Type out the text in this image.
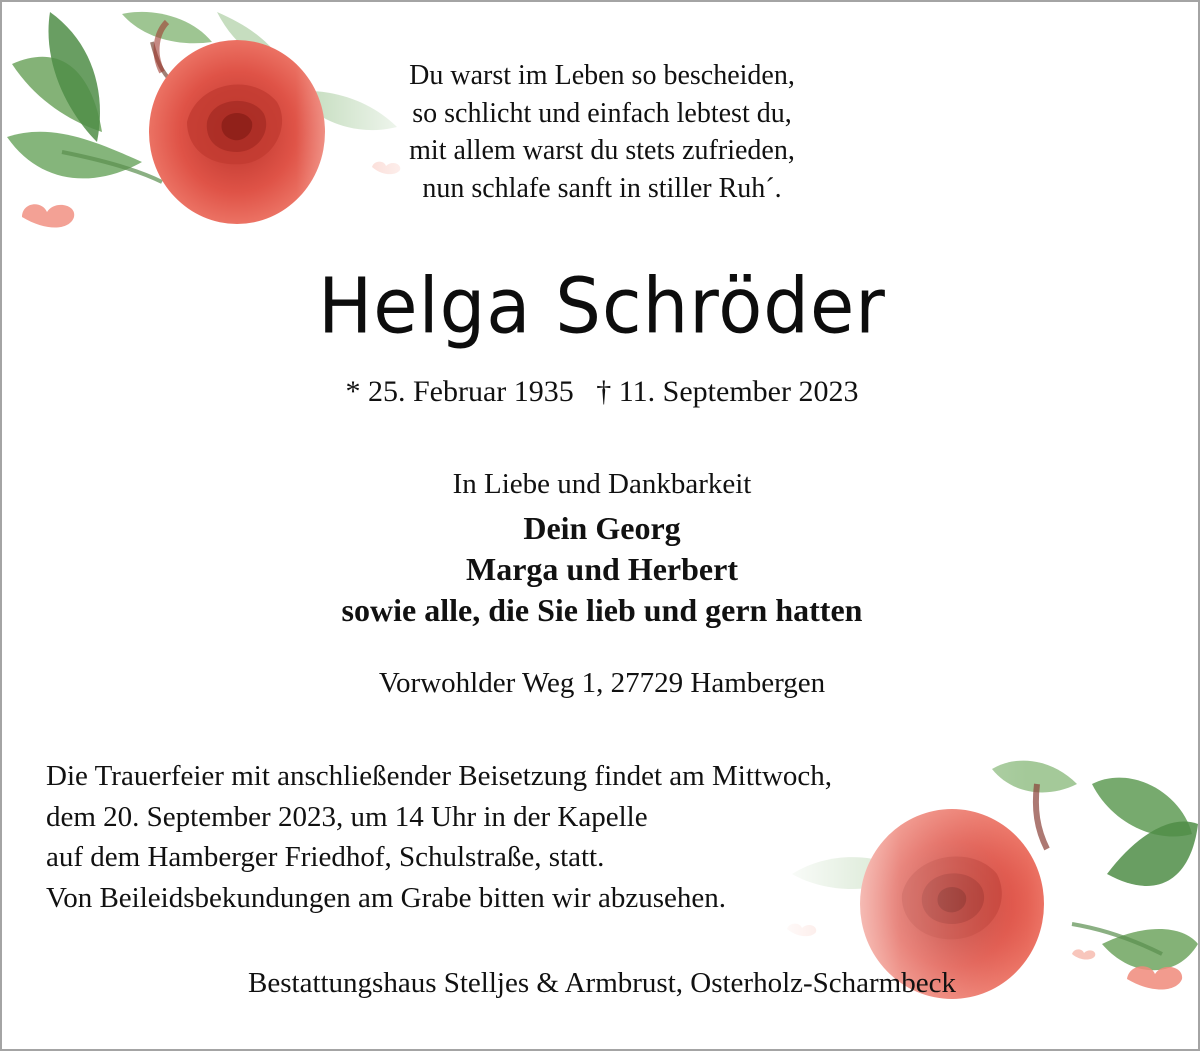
Du warst im Leben so bescheiden,
so schlicht und einfach lebtest du,
mit allem warst du stets zufrieden,
nun schlafe sanft in stiller Ruh´.
Helga Schröder
* 25. Februar 1935 † 11. September 2023
In Liebe und Dankbarkeit
Dein Georg
Marga und Herbert
sowie alle, die Sie lieb und gern hatten
Vorwohlder Weg 1, 27729 Hambergen
Die Trauerfeier mit anschließender Beisetzung findet am Mittwoch,
dem 20. September 2023, um 14 Uhr in der Kapelle
auf dem Hamberger Friedhof, Schulstraße, statt.
Von Beileidsbekundungen am Grabe bitten wir abzusehen.
Bestattungshaus Stelljes & Armbrust, Osterholz-Scharmbeck
